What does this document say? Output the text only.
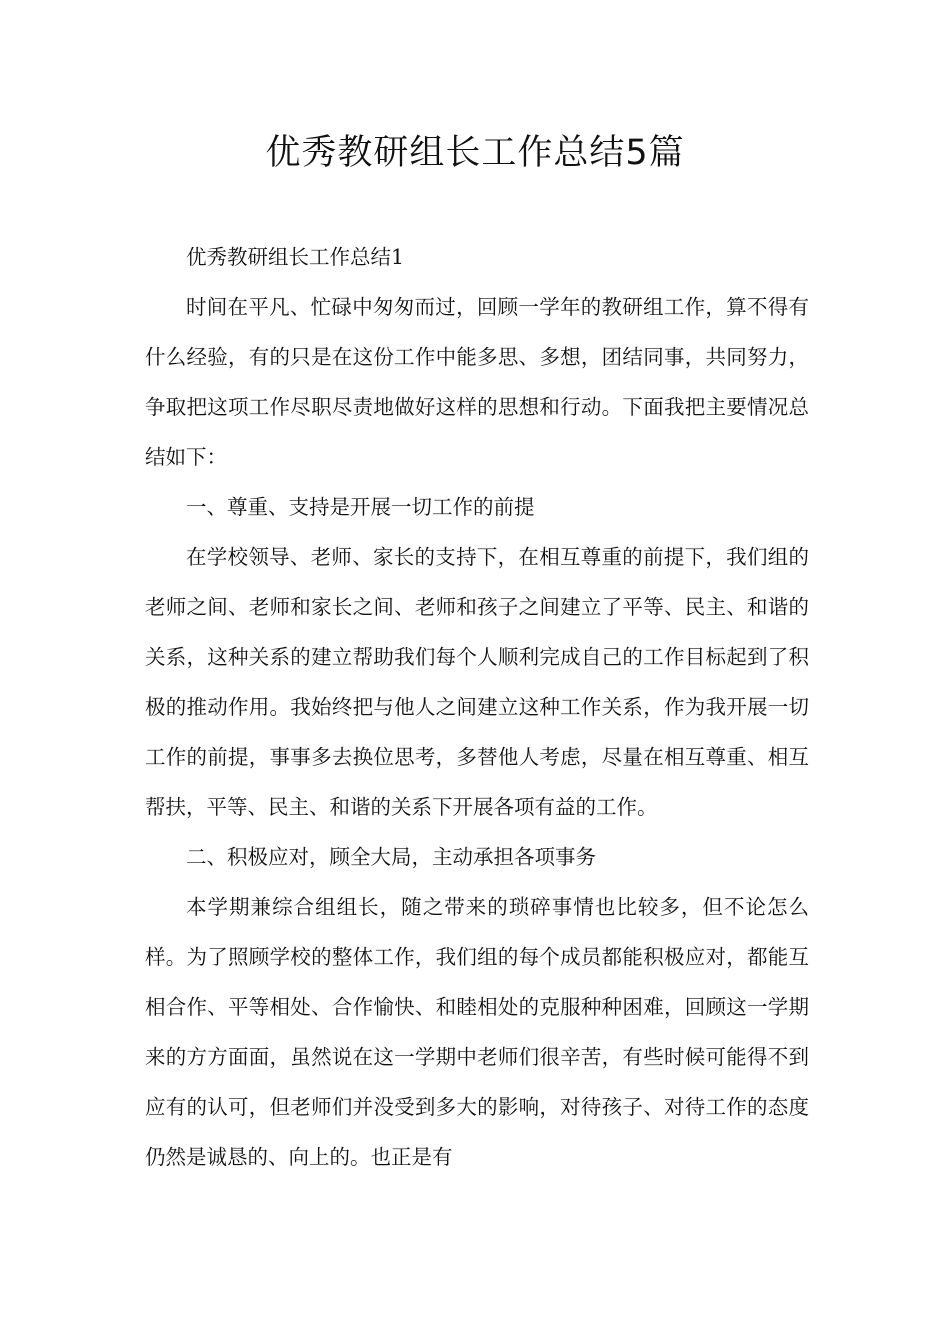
优秀教研组长工作总结5篇

优秀教研组长工作总结1

时间在平凡、忙碌中匆匆而过，回顾一学年的教研组工作，算不得有什么经验，有的只是在这份工作中能多思、多想，团结同事，共同努力，争取把这项工作尽职尽责地做好这样的思想和行动。下面我把主要情况总结如下：

一、尊重、支持是开展一切工作的前提

在学校领导、老师、家长的支持下，在相互尊重的前提下，我们组的老师之间、老师和家长之间、老师和孩子之间建立了平等、民主、和谐的关系，这种关系的建立帮助我们每个人顺利完成自己的工作目标起到了积极的推动作用。我始终把与他人之间建立这种工作关系，作为我开展一切工作的前提，事事多去换位思考，多替他人考虑，尽量在相互尊重、相互帮扶，平等、民主、和谐的关系下开展各项有益的工作。

二、积极应对，顾全大局，主动承担各项事务

本学期兼综合组组长，随之带来的琐碎事情也比较多，但不论怎么样。为了照顾学校的整体工作，我们组的每个成员都能积极应对，都能互相合作、平等相处、合作愉快、和睦相处的克服种种困难，回顾这一学期来的方方面面，虽然说在这一学期中老师们很辛苦，有些时候可能得不到应有的认可，但老师们并没受到多大的影响，对待孩子、对待工作的态度仍然是诚恳的、向上的。也正是有
